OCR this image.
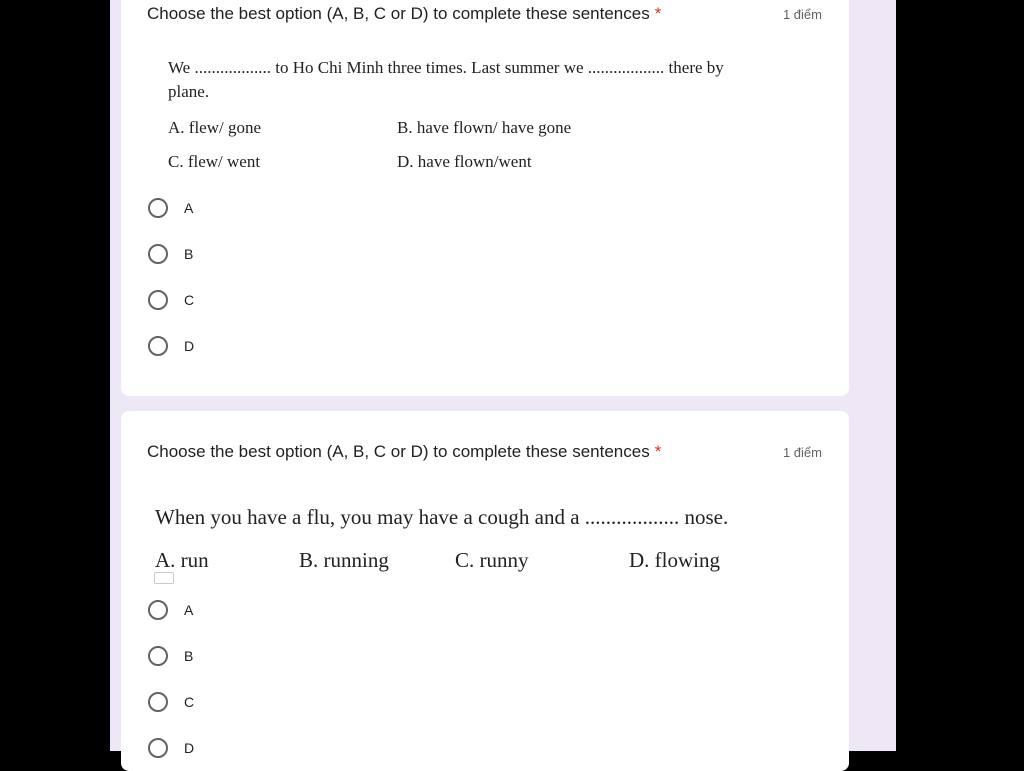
Choose the best option (A, B, C or D) to complete these sentences *	1 điểm
We .................. to Ho Chi Minh three times. Last summer we .................. there by
plane.
A. flew/ gone	B. have flown/ have gone
C. flew/ went	D. have flown/went
A
B
C
D
Choose the best option (A, B, C or D) to complete these sentences *	1 điểm
When you have a flu, you may have a cough and a .................. nose.
A. run	B. running	C. runny	D. flowing
A
B
C
D
